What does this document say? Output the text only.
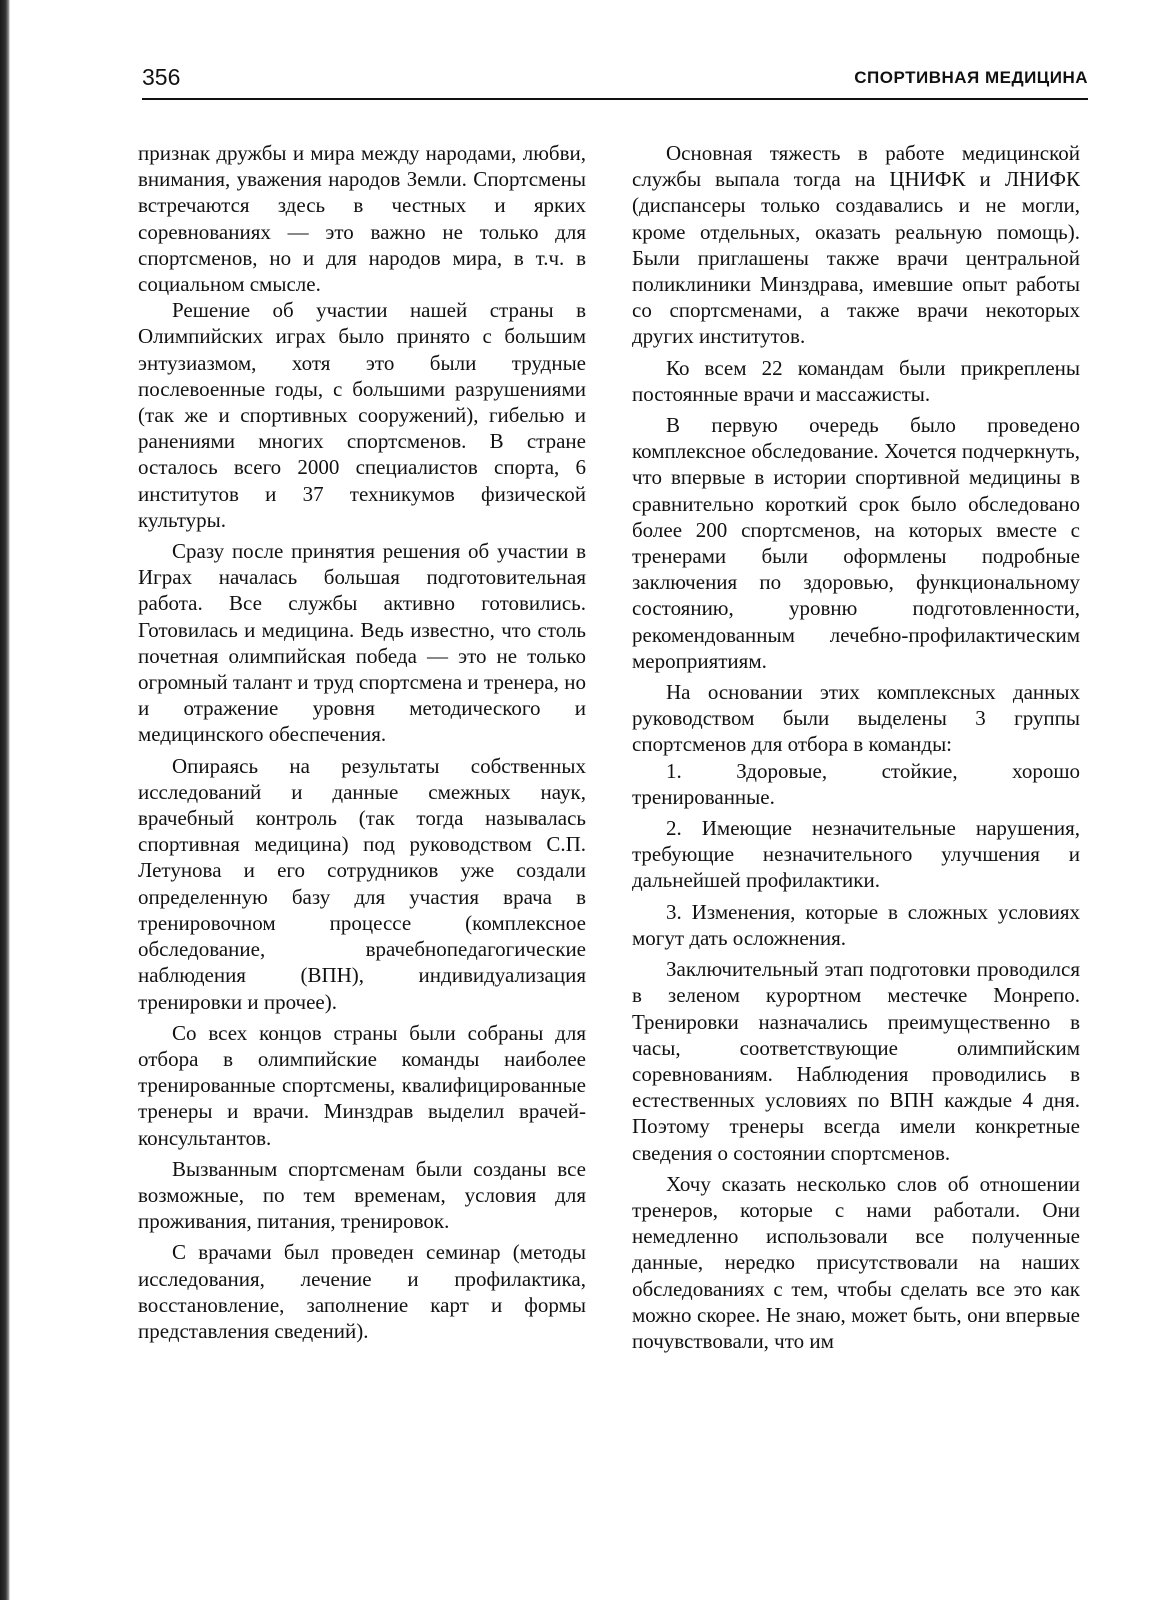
356	СПОРТИВНАЯ МЕДИЦИНА

признак дружбы и мира между народами, любви, внимания, уважения народов Земли. Спортсмены встречаются здесь в честных и ярких соревнованиях — это важно не только для спортсменов, но и для народов мира, в т.ч. в социальном смысле.

Решение об участии нашей страны в Олимпийских играх было принято с большим энтузиазмом, хотя это были трудные послевоенные годы, с большими разрушениями (так же и спортивных сооружений), гибелью и ранениями многих спортсменов. В стране осталось всего 2000 специалистов спорта, 6 институтов и 37 техникумов физической культуры.

Сразу после принятия решения об участии в Играх началась большая подготовительная работа. Все службы активно готовились. Готовилась и медицина. Ведь известно, что столь почетная олимпийская победа — это не только огромный талант и труд спортсмена и тренера, но и отражение уровня методического и медицинского обеспечения.

Опираясь на результаты собственных исследований и данные смежных наук, врачебный контроль (так тогда называлась спортивная медицина) под руководством С.П. Летунова и его сотрудников уже создали определенную базу для участия врача в тренировочном процессе (комплексное обследование, врачебнопедагогические наблюдения (ВПН), индивидуализация тренировки и прочее).

Со всех концов страны были собраны для отбора в олимпийские команды наиболее тренированные спортсмены, квалифицированные тренеры и врачи. Минздрав выделил врачей-консультантов.

Вызванным спортсменам были созданы все возможные, по тем временам, условия для проживания, питания, тренировок.

С врачами был проведен семинар (методы исследования, лечение и профилактика, восстановление, заполнение карт и формы представления сведений).

Основная тяжесть в работе медицинской службы выпала тогда на ЦНИФК и ЛНИФК (диспансеры только создавались и не могли, кроме отдельных, оказать реальную помощь). Были приглашены также врачи центральной поликлиники Минздрава, имевшие опыт работы со спортсменами, а также врачи некоторых других институтов.

Ко всем 22 командам были прикреплены постоянные врачи и массажисты.

В первую очередь было проведено комплексное обследование. Хочется подчеркнуть, что впервые в истории спортивной медицины в сравнительно короткий срок было обследовано более 200 спортсменов, на которых вместе с тренерами были оформлены подробные заключения по здоровью, функциональному состоянию, уровню подготовленности, рекомендованным лечебно-профилактическим мероприятиям.

На основании этих комплексных данных руководством были выделены 3 группы спортсменов для отбора в команды:

1. Здоровые, стойкие, хорошо тренированные.

2. Имеющие незначительные нарушения, требующие незначительного улучшения и дальнейшей профилактики.

3. Изменения, которые в сложных условиях могут дать осложнения.

Заключительный этап подготовки проводился в зеленом курортном местечке Монрепо. Тренировки назначались преимущественно в часы, соответствующие олимпийским соревнованиям. Наблюдения проводились в естественных условиях по ВПН каждые 4 дня. Поэтому тренеры всегда имели конкретные сведения о состоянии спортсменов.

Хочу сказать несколько слов об отношении тренеров, которые с нами работали. Они немедленно использовали все полученные данные, нередко присутствовали на наших обследованиях с тем, чтобы сделать все это как можно скорее. Не знаю, может быть, они впервые почувствовали, что им
